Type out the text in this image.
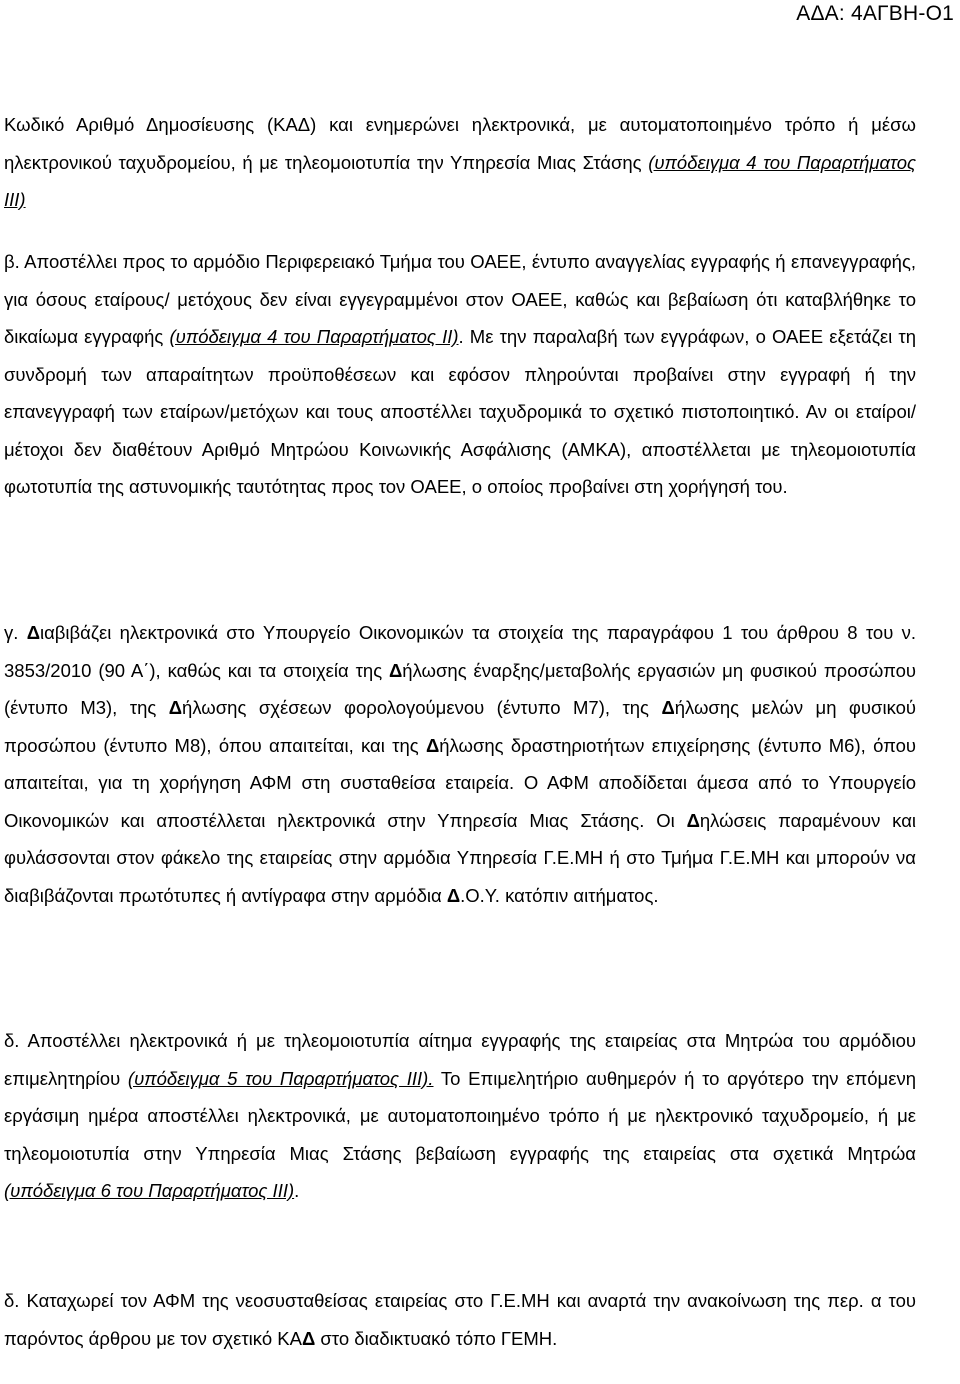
ΑΔΑ: 4ΑΓΒΗ-Ο1

Κωδικό Αριθμό Δημοσίευσης (ΚΑΔ) και ενημερώνει ηλεκτρονικά, με αυτοματοποιημένο τρόπο ή μέσω ηλεκτρονικού ταχυδρομείου, ή με τηλεομοιοτυπία την Υπηρεσία Μιας Στάσης (υπόδειγμα 4 του Παραρτήματος ΙΙΙ)

β. Αποστέλλει προς το αρμόδιο Περιφερειακό Τμήμα του ΟΑΕΕ, έντυπο αναγγελίας εγγραφής ή επανεγγραφής, για όσους εταίρους/ μετόχους δεν είναι εγγεγραμμένοι στον ΟΑΕΕ, καθώς και βεβαίωση ότι καταβλήθηκε το δικαίωμα εγγραφής (υπόδειγμα 4 του Παραρτήματος ΙΙ). Με την παραλαβή των εγγράφων, ο ΟΑΕΕ εξετάζει τη συνδρομή των απαραίτητων προϋποθέσεων και εφόσον πληρούνται προβαίνει στην εγγραφή ή την επανεγγραφή των εταίρων/μετόχων και τους αποστέλλει ταχυδρομικά το σχετικό πιστοποιητικό. Αν οι εταίροι/μέτοχοι δεν διαθέτουν Αριθμό Μητρώου Κοινωνικής Ασφάλισης (ΑΜΚΑ), αποστέλλεται με τηλεομοιοτυπία φωτοτυπία της αστυνομικής ταυτότητας προς τον ΟΑΕΕ, ο οποίος προβαίνει στη χορήγησή του.

γ. Διαβιβάζει ηλεκτρονικά στο Υπουργείο Οικονομικών τα στοιχεία της παραγράφου 1 του άρθρου 8 του ν. 3853/2010 (90 Α΄), καθώς και τα στοιχεία της Δήλωσης έναρξης/μεταβολής εργασιών μη φυσικού προσώπου (έντυπο Μ3), της Δήλωσης σχέσεων φορολογούμενου (έντυπο Μ7), της Δήλωσης μελών μη φυσικού προσώπου (έντυπο Μ8), όπου απαιτείται, και της Δήλωσης δραστηριοτήτων επιχείρησης (έντυπο Μ6), όπου απαιτείται, για τη χορήγηση ΑΦΜ στη συσταθείσα εταιρεία. Ο ΑΦΜ αποδίδεται άμεσα από το Υπουργείο Οικονομικών και αποστέλλεται ηλεκτρονικά στην Υπηρεσία Μιας Στάσης. Οι Δηλώσεις παραμένουν και φυλάσσονται στον φάκελο της εταιρείας στην αρμόδια Υπηρεσία Γ.Ε.ΜΗ ή στο Τμήμα Γ.Ε.ΜΗ και μπορούν να διαβιβάζονται πρωτότυπες ή αντίγραφα στην αρμόδια Δ.Ο.Υ. κατόπιν αιτήματος.

δ. Αποστέλλει ηλεκτρονικά ή με τηλεομοιοτυπία αίτημα εγγραφής της εταιρείας στα Μητρώα του αρμόδιου επιμελητηρίου (υπόδειγμα 5 του Παραρτήματος ΙΙΙ). Το Επιμελητήριο αυθημερόν ή το αργότερο την επόμενη εργάσιμη ημέρα αποστέλλει ηλεκτρονικά, με αυτοματοποιημένο τρόπο ή με ηλεκτρονικό ταχυδρομείο, ή με τηλεομοιοτυπία στην Υπηρεσία Μιας Στάσης βεβαίωση εγγραφής της εταιρείας στα σχετικά Μητρώα (υπόδειγμα 6 του Παραρτήματος ΙΙΙ).

δ. Καταχωρεί τον ΑΦΜ της νεοσυσταθείσας εταιρείας στο Γ.Ε.ΜΗ και αναρτά την ανακοίνωση της περ. α του παρόντος άρθρου με τον σχετικό ΚΑΔ στο διαδικτυακό τόπο ΓΕΜΗ.
